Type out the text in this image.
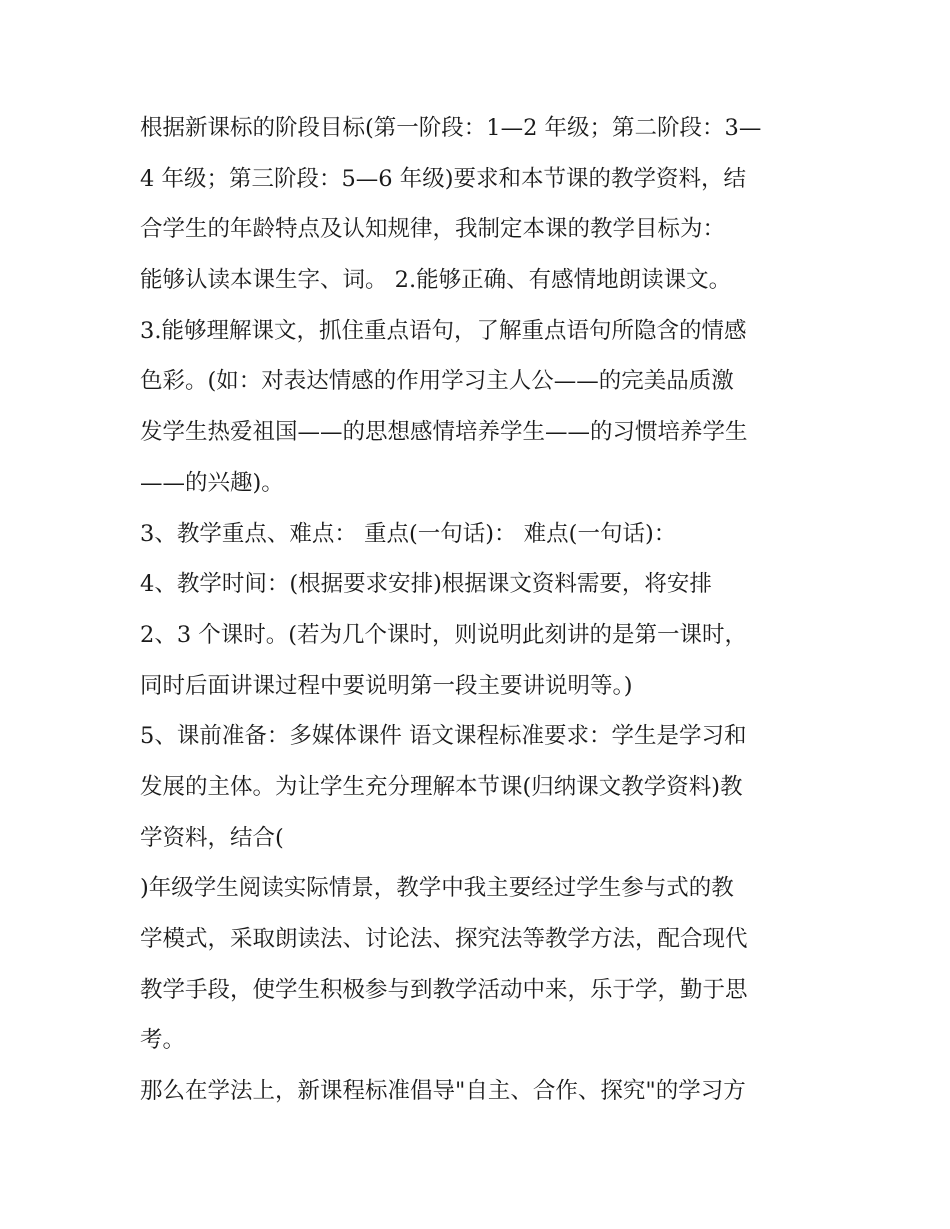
根据新课标的阶段目标(第一阶段：1—2 年级；第二阶段：3—
4 年级；第三阶段：5—6 年级)要求和本节课的教学资料，结
合学生的年龄特点及认知规律，我制定本课的教学目标为：
能够认读本课生字、词。 2.能够正确、有感情地朗读课文。
3.能够理解课文，抓住重点语句，了解重点语句所隐含的情感
色彩。(如：对表达情感的作用学习主人公——的完美品质激
发学生热爱祖国——的思想感情培养学生——的习惯培养学生
——的兴趣)。
3、教学重点、难点： 重点(一句话)： 难点(一句话)：
4、教学时间：(根据要求安排)根据课文资料需要，将安排
2、3 个课时。(若为几个课时，则说明此刻讲的是第一课时，
同时后面讲课过程中要说明第一段主要讲说明等。)
5、课前准备：多媒体课件 语文课程标准要求：学生是学习和
发展的主体。为让学生充分理解本节课(归纳课文教学资料)教
学资料，结合(
)年级学生阅读实际情景，教学中我主要经过学生参与式的教
学模式，采取朗读法、讨论法、探究法等教学方法，配合现代
教学手段，使学生积极参与到教学活动中来，乐于学，勤于思
考。
那么在学法上，新课程标准倡导"自主、合作、探究"的学习方
